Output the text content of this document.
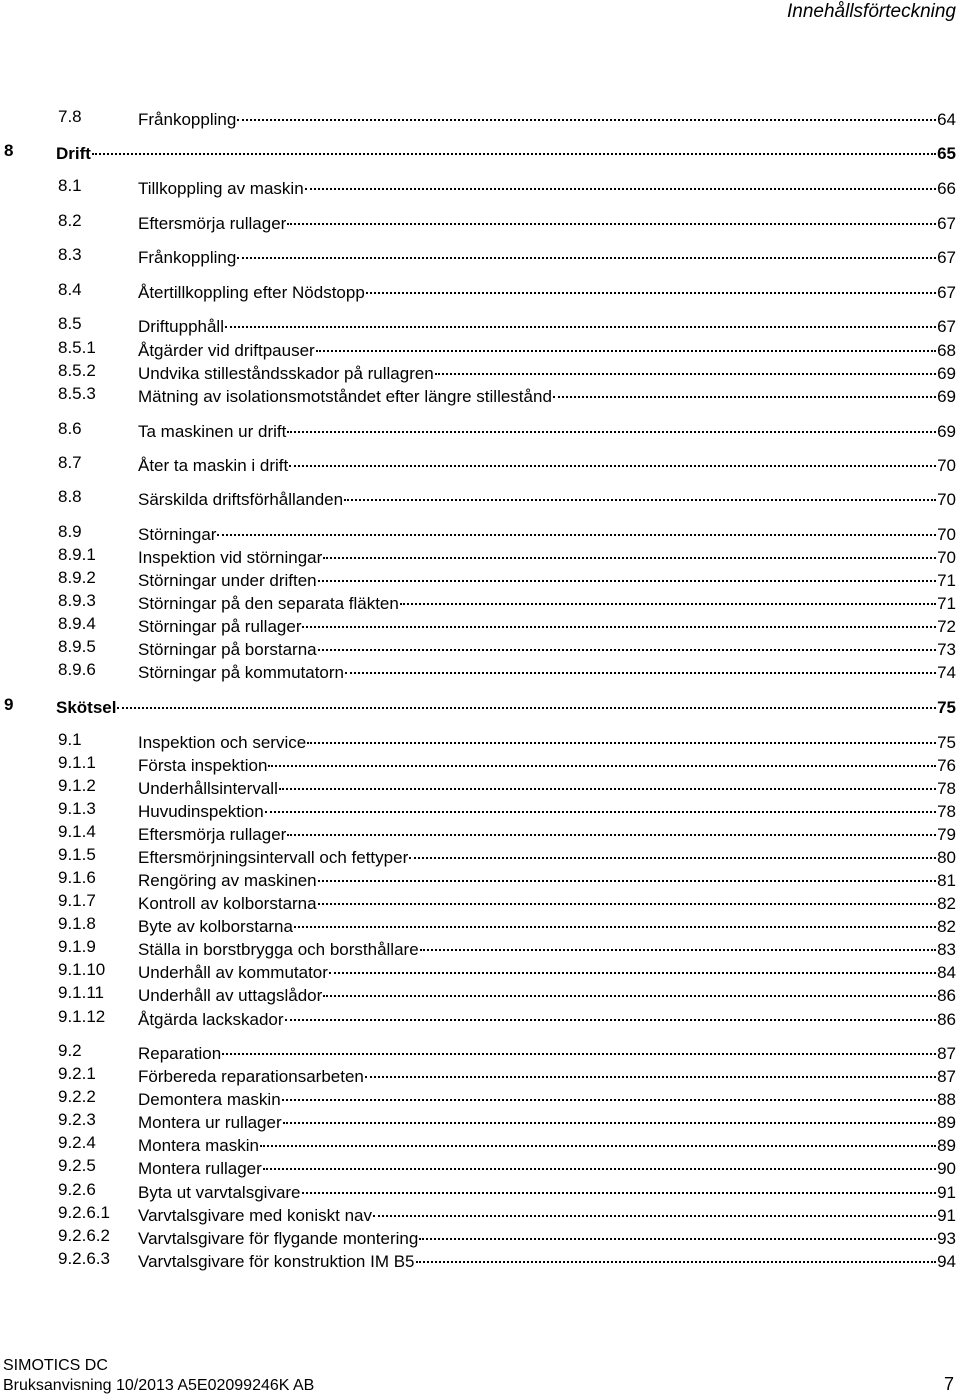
Innehållsförteckning
7.8	Frånkoppling	64
8	Drift	65
8.1	Tillkoppling av maskin	66
8.2	Eftersmörja rullager	67
8.3	Frånkoppling	67
8.4	Återtillkoppling efter Nödstopp	67
8.5	Driftupphåll	67
8.5.1 Åtgärder vid driftpauser	68
8.5.2 Undvika stilleståndsskador på rullagren	69
8.5.3 Mätning av isolationsmotståndet efter längre stillestånd	69
8.6	Ta maskinen ur drift	69
8.7	Åter ta maskin i drift	70
8.8	Särskilda driftsförhållanden	70
8.9	Störningar	70
8.9.1 Inspektion vid störningar	70
8.9.2 Störningar under driften	71
8.9.3 Störningar på den separata fläkten	71
8.9.4 Störningar på rullager	72
8.9.5 Störningar på borstarna	73
8.9.6 Störningar på kommutatorn	74
9	Skötsel	75
9.1	Inspektion och service	75
9.1.1 Första inspektion	76
9.1.2 Underhållsintervall	78
9.1.3 Huvudinspektion	78
9.1.4 Eftersmörja rullager	79
9.1.5 Eftersmörjningsintervall och fettyper	80
9.1.6 Rengöring av maskinen	81
9.1.7 Kontroll av kolborstarna	82
9.1.8 Byte av kolborstarna	82
9.1.9 Ställa in borstbrygga och borsthållare	83
9.1.10 Underhåll av kommutator	84
9.1.11 Underhåll av uttagslådor	86
9.1.12 Åtgärda lackskador	86
9.2	Reparation	87
9.2.1 Förbereda reparationsarbeten	87
9.2.2 Demontera maskin	88
9.2.3 Montera ur rullager	89
9.2.4 Montera maskin	89
9.2.5 Montera rullager	90
9.2.6 Byta ut varvtalsgivare	91
9.2.6.1 Varvtalsgivare med koniskt nav	91
9.2.6.2 Varvtalsgivare för flygande montering	93
9.2.6.3 Varvtalsgivare för konstruktion IM B5	94
SIMOTICS DC
Bruksanvisning 10/2013 A5E02099246K AB	7
